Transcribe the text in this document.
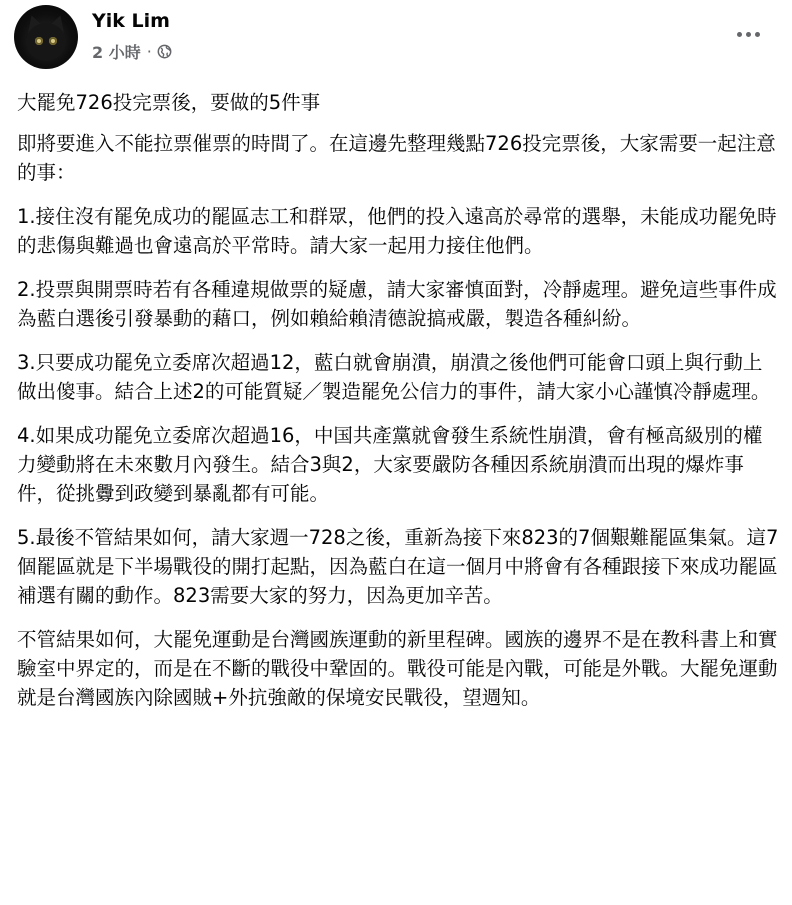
Yik Lim
2 小時 ·

大罷免726投完票後，要做的5件事

即將要進入不能拉票催票的時間了。在這邊先整理幾點726投完票後，大家需要一起注意的事：

1.接住沒有罷免成功的罷區志工和群眾，他們的投入遠高於尋常的選舉，未能成功罷免時的悲傷與難過也會遠高於平常時。請大家一起用力接住他們。

2.投票與開票時若有各種違規做票的疑慮，請大家審慎面對，冷靜處理。避免這些事件成為藍白選後引發暴動的藉口，例如賴給賴清德說搞戒嚴，製造各種糾紛。

3.只要成功罷免立委席次超過12，藍白就會崩潰，崩潰之後他們可能會口頭上與行動上做出傻事。結合上述2的可能質疑／製造罷免公信力的事件，請大家小心謹慎冷靜處理。

4.如果成功罷免立委席次超過16，中国共產黨就會發生系統性崩潰，會有極高級別的權力變動將在未來數月內發生。結合3與2，大家要嚴防各種因系統崩潰而出現的爆炸事件，從挑釁到政變到暴亂都有可能。

5.最後不管結果如何，請大家週一728之後，重新為接下來823的7個艱難罷區集氣。這7個罷區就是下半場戰役的開打起點，因為藍白在這一個月中將會有各種跟接下來成功罷區補選有關的動作。823需要大家的努力，因為更加辛苦。

不管結果如何，大罷免運動是台灣國族運動的新里程碑。國族的邊界不是在教科書上和實驗室中界定的，而是在不斷的戰役中鞏固的。戰役可能是內戰，可能是外戰。大罷免運動就是台灣國族內除國賊+外抗強敵的保境安民戰役，望週知。
